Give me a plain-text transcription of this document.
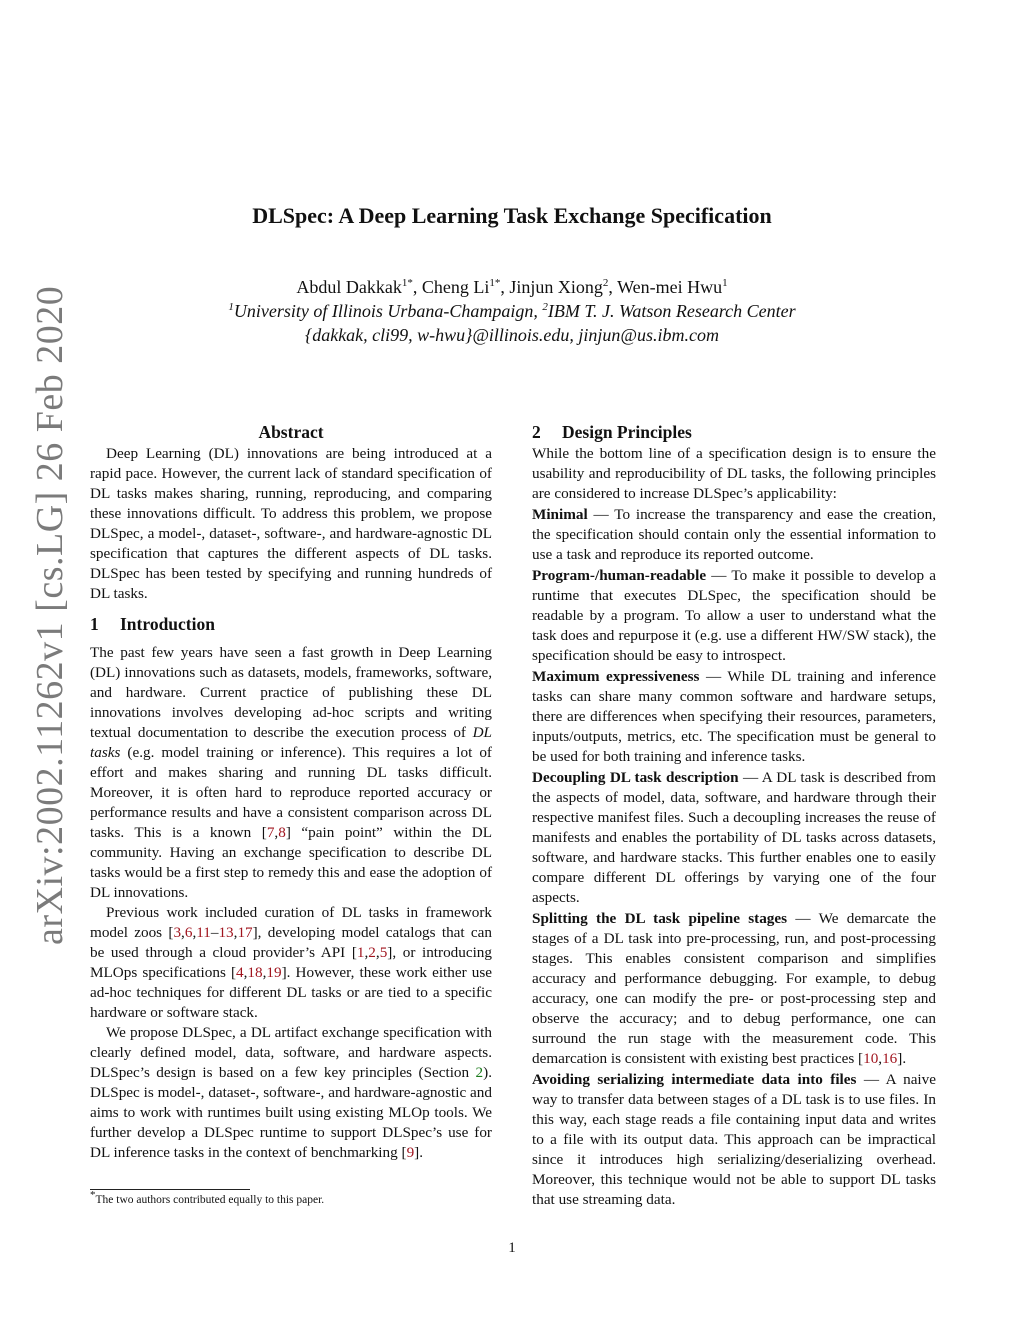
arXiv:2002.11262v1 [cs.LG] 26 Feb 2020
DLSpec: A Deep Learning Task Exchange Specification
Abdul Dakkak$^{1*}$, Cheng $Li^{1*}$, Jinjun Xiong$^2$, Wen-mei Hwu$^1$
$^1$University of Illinois Urbana-Champaign, $^2$IBM T. J. Watson Research Center
{dakkak, cli99, w-hwu}@illinois.edu, jinjun@us.ibm.com
Abstract

Deep Learning (DL) innovations are being introduced at a rapid pace. However, the current lack of standard specification of DL tasks makes sharing, running, reproducing, and comparing these innovations difficult. To address this problem, we propose DLSpec, a model-, dataset-, software-, and hardware-agnostic DL specification that captures the different aspects of DL tasks. DLSpec has been tested by specifying and running hundreds of DL tasks.

1 Introduction

The past few years have seen a fast growth in Deep Learning (DL) innovations such as datasets, models, frameworks, software, and hardware. Current practice of publishing these DL innovations involves developing ad-hoc scripts and writing textual documentation to describe the execution process of DL tasks (e.g. model training or inference). This requires a lot of effort and makes sharing and running DL tasks difficult. Moreover, it is often hard to reproduce reported accuracy or performance results and have a consistent comparison across DL tasks. This is a known [7,8] “pain point” within the DL community. Having an exchange specification to describe DL tasks would be a first step to remedy this and ease the adoption of DL innovations.

Previous work included curation of DL tasks in framework model zoos [3,6,11–13,17], developing model catalogs that can be used through a cloud provider’s API [1,2,5], or introducing MLOps specifications [4,18,19]. However, these work either use ad-hoc techniques for different DL tasks or are tied to a specific hardware or software stack.

We propose DLSpec, a DL artifact exchange specification with clearly defined model, data, software, and hardware aspects. DLSpec’s design is based on a few key principles (Section 2). DLSpec is model-, dataset-, software-, and hardware-agnostic and aims to work with runtimes built using existing MLOp tools. We further develop a DLSpec runtime to support DLSpec’s use for DL inference tasks in the context of benchmarking [9].

*The two authors contributed equally to this paper.
2 Design Principles

While the bottom line of a specification design is to ensure the usability and reproducibility of DL tasks, the following principles are considered to increase DLSpec’s applicability:

Minimal — To increase the transparency and ease the creation, the specification should contain only the essential information to use a task and reproduce its reported outcome.

Program-/human-readable — To make it possible to develop a runtime that executes DLSpec, the specification should be readable by a program. To allow a user to understand what the task does and repurpose it (e.g. use a different HW/SW stack), the specification should be easy to introspect.

Maximum expressiveness — While DL training and inference tasks can share many common software and hardware setups, there are differences when specifying their resources, parameters, inputs/outputs, metrics, etc. The specification must be general to be used for both training and inference tasks.

Decoupling DL task description — A DL task is described from the aspects of model, data, software, and hardware through their respective manifest files. Such a decoupling increases the reuse of manifests and enables the portability of DL tasks across datasets, software, and hardware stacks. This further enables one to easily compare different DL offerings by varying one of the four aspects.

Splitting the DL task pipeline stages — We demarcate the stages of a DL task into pre-processing, run, and post-processing stages. This enables consistent comparison and simplifies accuracy and performance debugging. For example, to debug accuracy, one can modify the pre- or post-processing step and observe the accuracy; and to debug performance, one can surround the run stage with the measurement code. This demarcation is consistent with existing best practices [10,16].

Avoiding serializing intermediate data into files — A naive way to transfer data between stages of a DL task is to use files. In this way, each stage reads a file containing input data and writes to a file with its output data. This approach can be impractical since it introduces high serializing/deserializing overhead. Moreover, this technique would not be able to support DL tasks that use streaming data.

1
